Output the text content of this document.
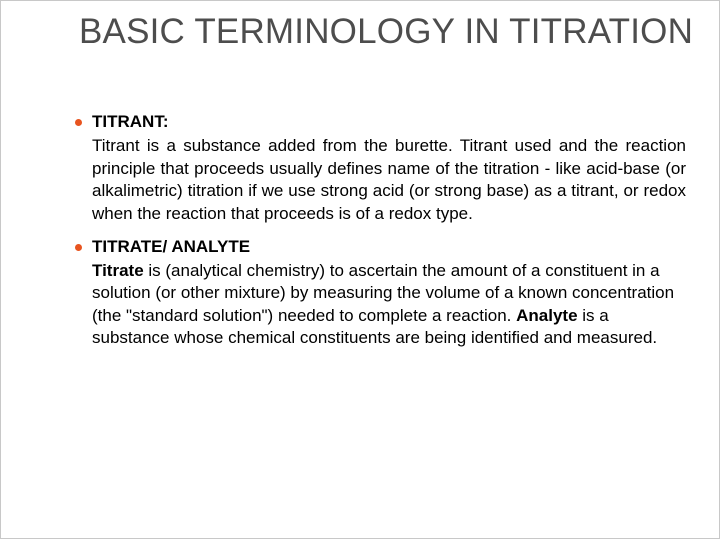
BASIC TERMINOLOGY IN TITRATION
TITRANT:

Titrant is a substance added from the burette. Titrant used and the reaction principle that proceeds usually defines name of the titration - like acid-base (or alkalimetric) titration if we use strong acid (or strong base) as a titrant, or redox when the reaction that proceeds is of a redox type.

TITRATE/ ANALYTE

Titrate is (analytical chemistry) to ascertain the amount of a constituent in a solution (or other mixture) by measuring the volume of a known concentration (the "standard solution") needed to complete a reaction. Analyte is a substance whose chemical constituents are being identified and measured.
